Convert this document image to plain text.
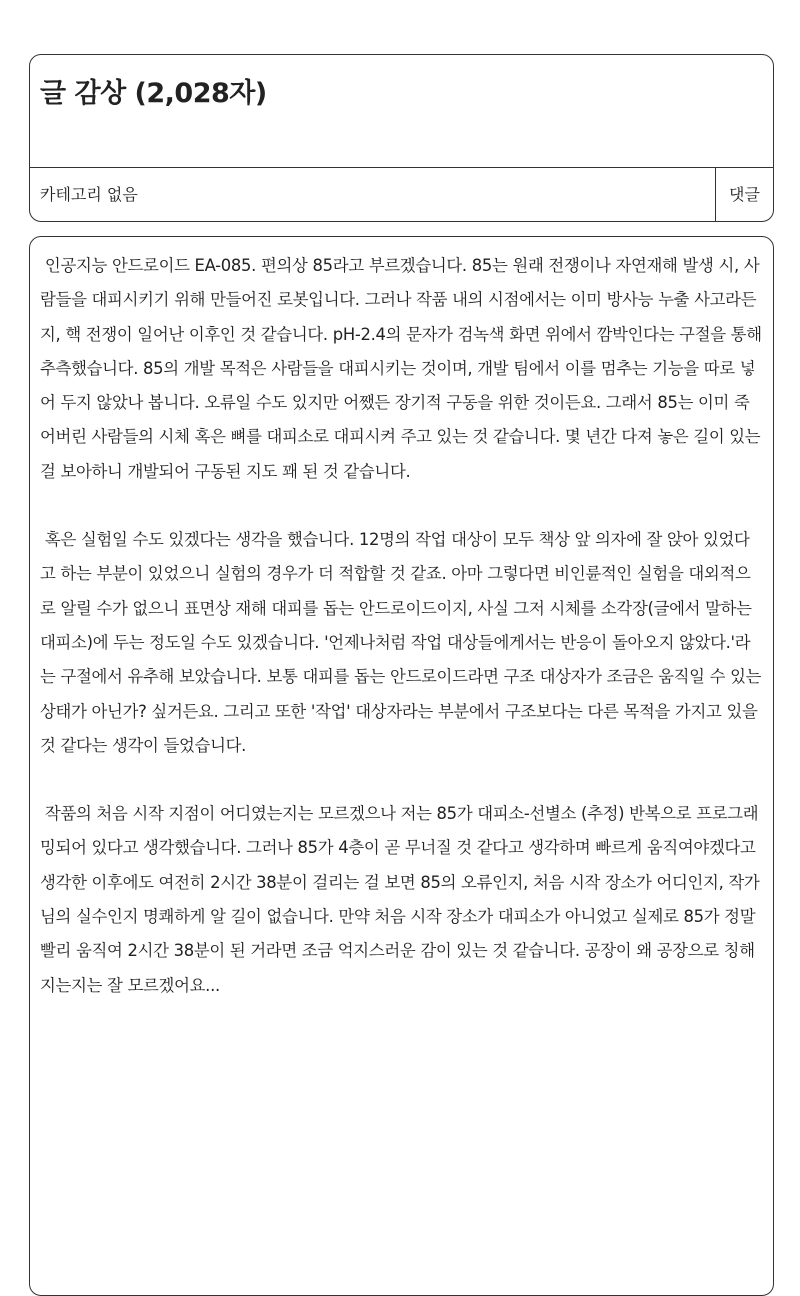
글 감상 (2,028자)
카테고리 없음	댓글

인공지능 안드로이드 EA-085. 편의상 85라고 부르겠습니다. 85는 원래 전쟁이나 자연재해 발생 시, 사람들을 대피시키기 위해 만들어진 로봇입니다. 그러나 작품 내의 시점에서는 이미 방사능 누출 사고라든지, 핵 전쟁이 일어난 이후인 것 같습니다. pH-2.4의 문자가 검녹색 화면 위에서 깜박인다는 구절을 통해 추측했습니다. 85의 개발 목적은 사람들을 대피시키는 것이며, 개발 팀에서 이를 멈추는 기능을 따로 넣어 두지 않았나 봅니다. 오류일 수도 있지만 어쨌든 장기적 구동을 위한 것이든요. 그래서 85는 이미 죽어버린 사람들의 시체 혹은 뼈를 대피소로 대피시켜 주고 있는 것 같습니다. 몇 년간 다져 놓은 길이 있는 걸 보아하니 개발되어 구동된 지도 꽤 된 것 같습니다.

혹은 실험일 수도 있겠다는 생각을 했습니다. 12명의 작업 대상이 모두 책상 앞 의자에 잘 앉아 있었다고 하는 부분이 있었으니 실험의 경우가 더 적합할 것 같죠. 아마 그렇다면 비인륜적인 실험을 대외적으로 알릴 수가 없으니 표면상 재해 대피를 돕는 안드로이드이지, 사실 그저 시체를 소각장(글에서 말하는 대피소)에 두는 정도일 수도 있겠습니다. '언제나처럼 작업 대상들에게서는 반응이 돌아오지 않았다.'라는 구절에서 유추해 보았습니다. 보통 대피를 돕는 안드로이드라면 구조 대상자가 조금은 움직일 수 있는 상태가 아닌가? 싶거든요. 그리고 또한 '작업' 대상자라는 부분에서 구조보다는 다른 목적을 가지고 있을 것 같다는 생각이 들었습니다.

작품의 처음 시작 지점이 어디였는지는 모르겠으나 저는 85가 대피소-선별소 (추정) 반복으로 프로그래밍되어 있다고 생각했습니다. 그러나 85가 4층이 곧 무너질 것 같다고 생각하며 빠르게 움직여야겠다고 생각한 이후에도 여전히 2시간 38분이 걸리는 걸 보면 85의 오류인지, 처음 시작 장소가 어디인지, 작가님의 실수인지 명쾌하게 알 길이 없습니다. 만약 처음 시작 장소가 대피소가 아니었고 실제로 85가 정말 빨리 움직여 2시간 38분이 된 거라면 조금 억지스러운 감이 있는 것 같습니다. 공장이 왜 공장으로 칭해지는지는 잘 모르겠어요...
